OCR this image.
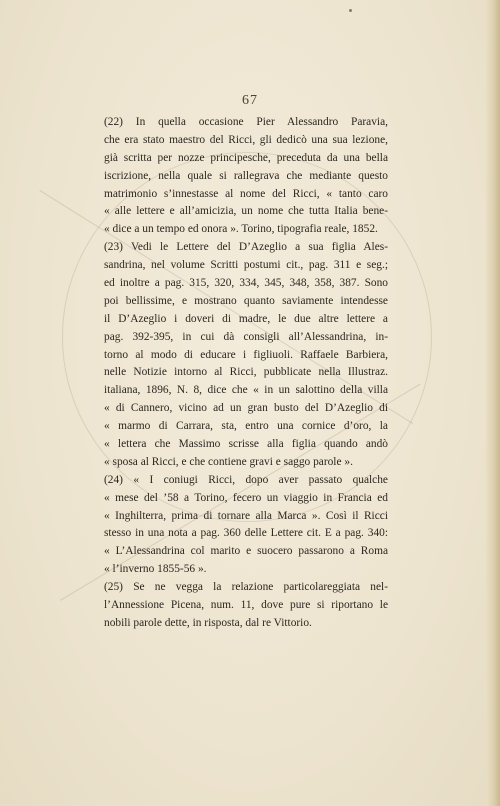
67
(22) In quella occasione Pier Alessandro Paravia,
che era stato maestro del Ricci, gli dedicò una sua lezione,
già scritta per nozze principesche, preceduta da una bella
iscrizione, nella quale si rallegrava che mediante questo
matrimonio s’innestasse al nome del Ricci, « tanto caro
« alle lettere e all’amicizia, un nome che tutta Italia bene-
« dice a un tempo ed onora ». Torino, tipografia reale, 1852.
(23) Vedi le Lettere del D’Azeglio a sua figlia Ales-
sandrina, nel volume Scritti postumi cit., pag. 311 e seg.;
ed inoltre a pag. 315, 320, 334, 345, 348, 358, 387. Sono
poi bellissime, e mostrano quanto saviamente intendesse
il D’Azeglio i doveri di madre, le due altre lettere a
pag. 392-395, in cui dà consigli all’Alessandrina, in-
torno al modo di educare i figliuoli. Raffaele Barbiera,
nelle Notizie intorno al Ricci, pubblicate nella Illustraz.
italiana, 1896, N. 8, dice che « in un salottino della villa
« di Cannero, vicino ad un gran busto del D’Azeglio di
« marmo di Carrara, sta, entro una cornice d’oro, la
« lettera che Massimo scrisse alla figlia quando andò
« sposa al Ricci, e che contiene gravi e saggo parole ».
(24) « I coniugi Ricci, dopo aver passato qualche
« mese del ’58 a Torino, fecero un viaggio in Francia ed
« Inghilterra, prima di tornare alla Marca ». Così il Ricci
stesso in una nota a pag. 360 delle Lettere cit. E a pag. 340:
« L’Alessandrina col marito e suocero passarono a Roma
« l’inverno 1855-56 ».
(25) Se ne vegga la relazione particolareggiata nel-
l’Annessione Picena, num. 11, dove pure si riportano le
nobili parole dette, in risposta, dal re Vittorio.
